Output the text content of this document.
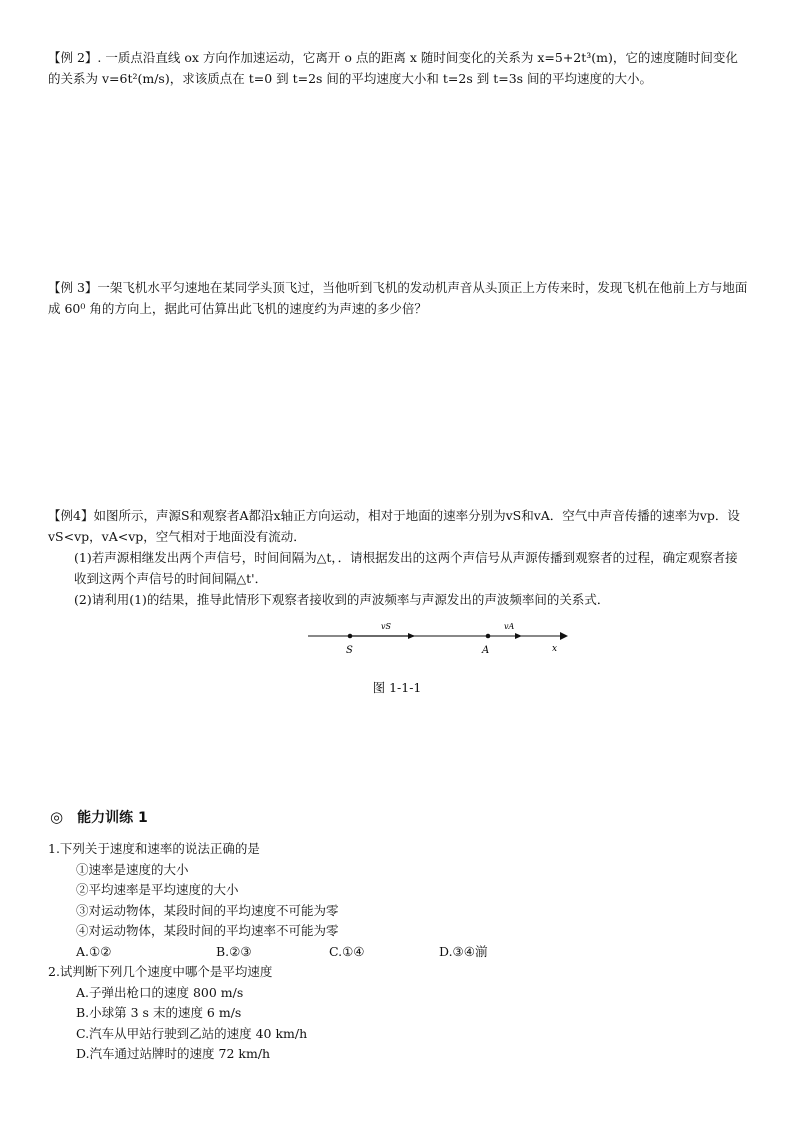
【例 2】. 一质点沿直线 ox 方向作加速运动，它离开 o 点的距离 x 随时间变化的关系为 x=5+2t³(m)，它的速度随时间变化的关系为 v=6t²(m/s)，求该质点在 t=0 到 t=2s 间的平均速度大小和 t=2s 到 t=3s 间的平均速度的大小。
【例 3】一架飞机水平匀速地在某同学头顶飞过，当他听到飞机的发动机声音从头顶正上方传来时，发现飞机在他前上方与地面成 60⁰ 角的方向上，据此可估算出此飞机的速度约为声速的多少倍？
【例4】如图所示，声源S和观察者A都沿x轴正方向运动，相对于地面的速率分别为vS和vA．空气中声音传播的速率为vp．设vS<vp，vA<vp，空气相对于地面没有流动．
(1)若声源相继发出两个声信号，时间间隔为△t，．请根据发出的这两个声信号从声源传播到观察者的过程，确定观察者接收到这两个声信号的时间间隔△t'．
(2)请利用(1)的结果，推导此情形下观察者接收到的声波频率与声源发出的声波频率间的关系式．
vS	vA
S	A	x
图 1-1-1
◎ 能力训练 1
1.下列关于速度和速率的说法正确的是
①速率是速度的大小
②平均速率是平均速度的大小
③对运动物体，某段时间的平均速度不可能为零
④对运动物体，某段时间的平均速率不可能为零
A.①②	B.②③	C.①④	D.③④ 湔
2.试判断下列几个速度中哪个是平均速度
A.子弹出枪口的速度 800 m/s
B.小球第 3 s 末的速度 6 m/s
C.汽车从甲站行驶到乙站的速度 40 km/h
D.汽车通过站牌时的速度 72 km/h
